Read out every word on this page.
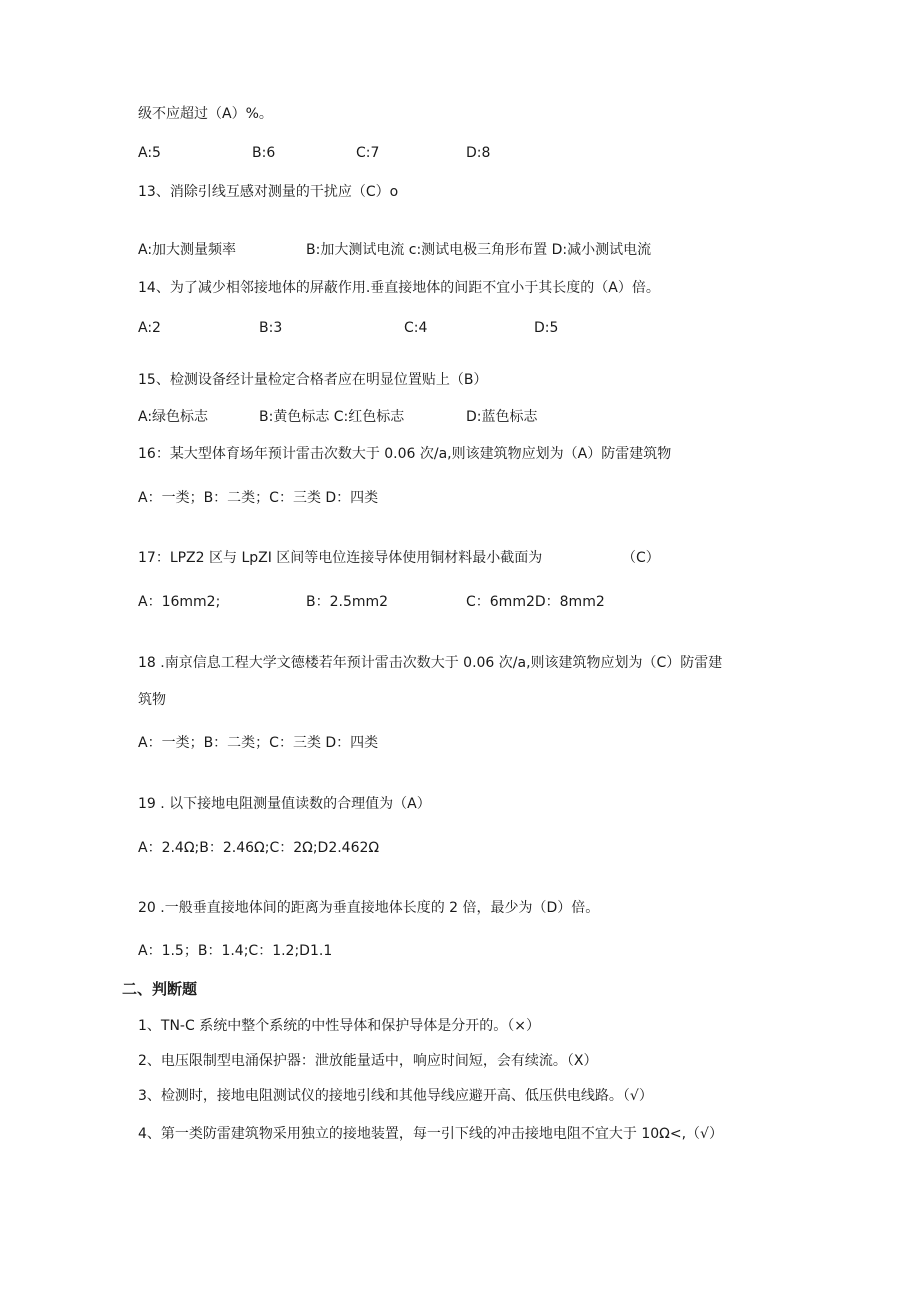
级不应超过（A）%。
A:5	B:6	C:7	D:8
13、消除引线互感对测量的干扰应（C）o
A:加大测量频率	B:加大测试电流 c:测试电极三角形布置 D:减小测试电流
14、为了减少相邻接地体的屏蔽作用.垂直接地体的间距不宜小于其长度的（A）倍。
A:2	B:3	C:4	D:5
15、检测设备经计量检定合格者应在明显位置贴上（B）
A:绿色标志	B:黄色标志 C:红色标志	D:蓝色标志
16：某大型体育场年预计雷击次数大于 0.06 次/a,则该建筑物应划为（A）防雷建筑物
A：一类；B：二类；C：三类 D：四类
17：LPZ2 区与 LpZI 区间等电位连接导体使用铜材料最小截面为	（C）
A：16mm2;	B：2.5mm2	C：6mm2D：8mm2
18 .南京信息工程大学文德楼若年预计雷击次数大于 0.06 次/a,则该建筑物应划为（C）防雷建
筑物
A：一类；B：二类；C：三类 D：四类
19 . 以下接地电阻测量值读数的合理值为（A）
A：2.4Ω;B：2.46Ω;C：2Ω;D2.462Ω
20 .一般垂直接地体间的距离为垂直接地体长度的 2 倍，最少为（D）倍。
A：1.5；B：1.4;C：1.2;D1.1
二、判断题
1、TN-C 系统中整个系统的中性导体和保护导体是分开的。（×）
2、电压限制型电涌保护器：泄放能量适中，响应时间短，会有续流。（X）
3、检测时，接地电阻测试仪的接地引线和其他导线应避开高、低压供电线路。（√）
4、第一类防雷建筑物采用独立的接地装置，每一引下线的冲击接地电阻不宜大于 10Ω<,（√）
